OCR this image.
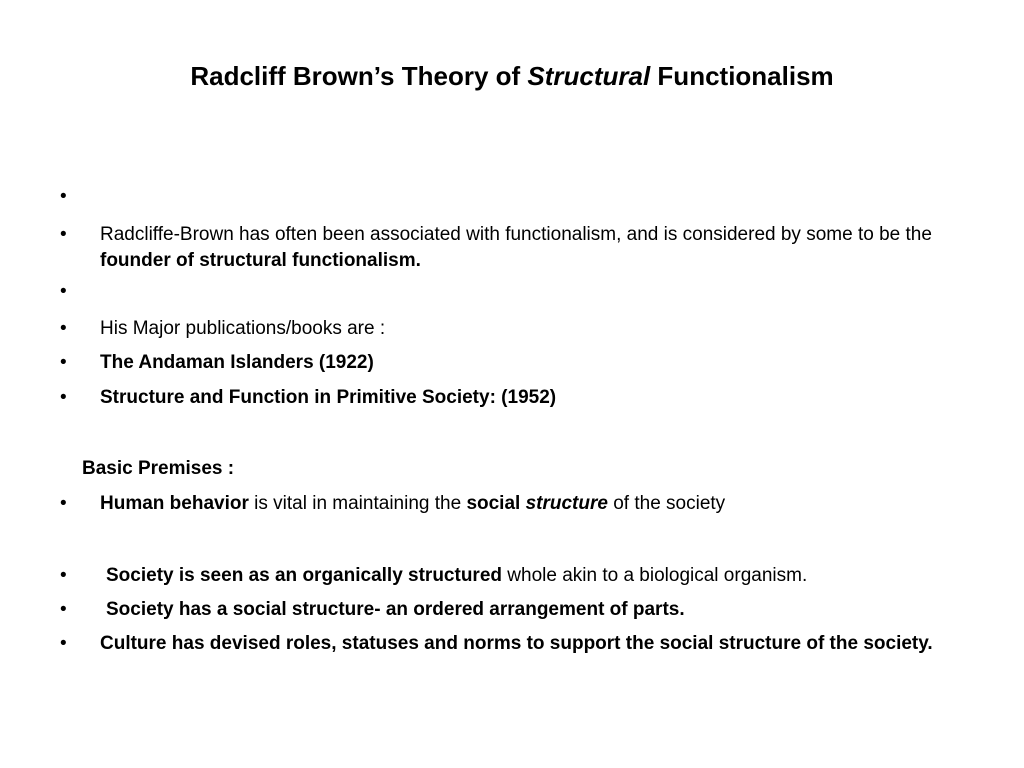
Radcliff Brown’s Theory of Structural Functionalism
•
•	Radcliffe-Brown has often been associated with functionalism, and is considered by some to be the founder of structural functionalism.
•
•	His Major publications/books are :
•	The Andaman Islanders (1922)
•	Structure and Function in Primitive Society: (1952)
Basic Premises :
•	Human behavior is vital in maintaining the social structure of the society
•	Society is seen as an organically structured whole akin to a biological organism.
•	Society has a social structure- an ordered arrangement of parts.
•	Culture has devised roles, statuses and norms to support the social structure of the society.
